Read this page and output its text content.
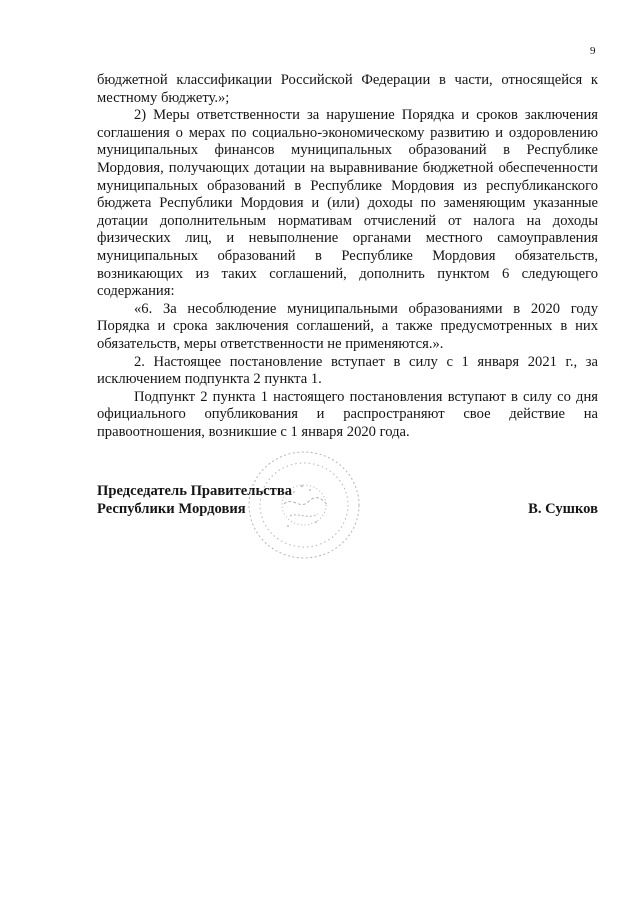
9

бюджетной классификации Российской Федерации в части, относящейся к местному бюджету.»;

2) Меры ответственности за нарушение Порядка и сроков заключения соглашения о мерах по социально-экономическому развитию и оздоровлению муниципальных финансов муниципальных образований в Республике Мордовия, получающих дотации на выравнивание бюджетной обеспеченности муниципальных образований в Республике Мордовия из республиканского бюджета Республики Мордовия и (или) доходы по заменяющим указанные дотации дополнительным нормативам отчислений от налога на доходы физических лиц, и невыполнение органами местного самоуправления муниципальных образований в Республике Мордовия обязательств, возникающих из таких соглашений, дополнить пунктом 6 следующего содержания:

«6. За несоблюдение муниципальными образованиями в 2020 году Порядка и срока заключения соглашений, а также предусмотренных в них обязательств, меры ответственности не применяются.».

2. Настоящее постановление вступает в силу с 1 января 2021 г., за исключением подпункта 2 пункта 1.

Подпункт 2 пункта 1 настоящего постановления вступают в силу со дня официального опубликования и распространяют свое действие на правоотношения, возникшие с 1 января 2020 года.

Председатель Правительства
Республики Мордовия	В. Сушков
